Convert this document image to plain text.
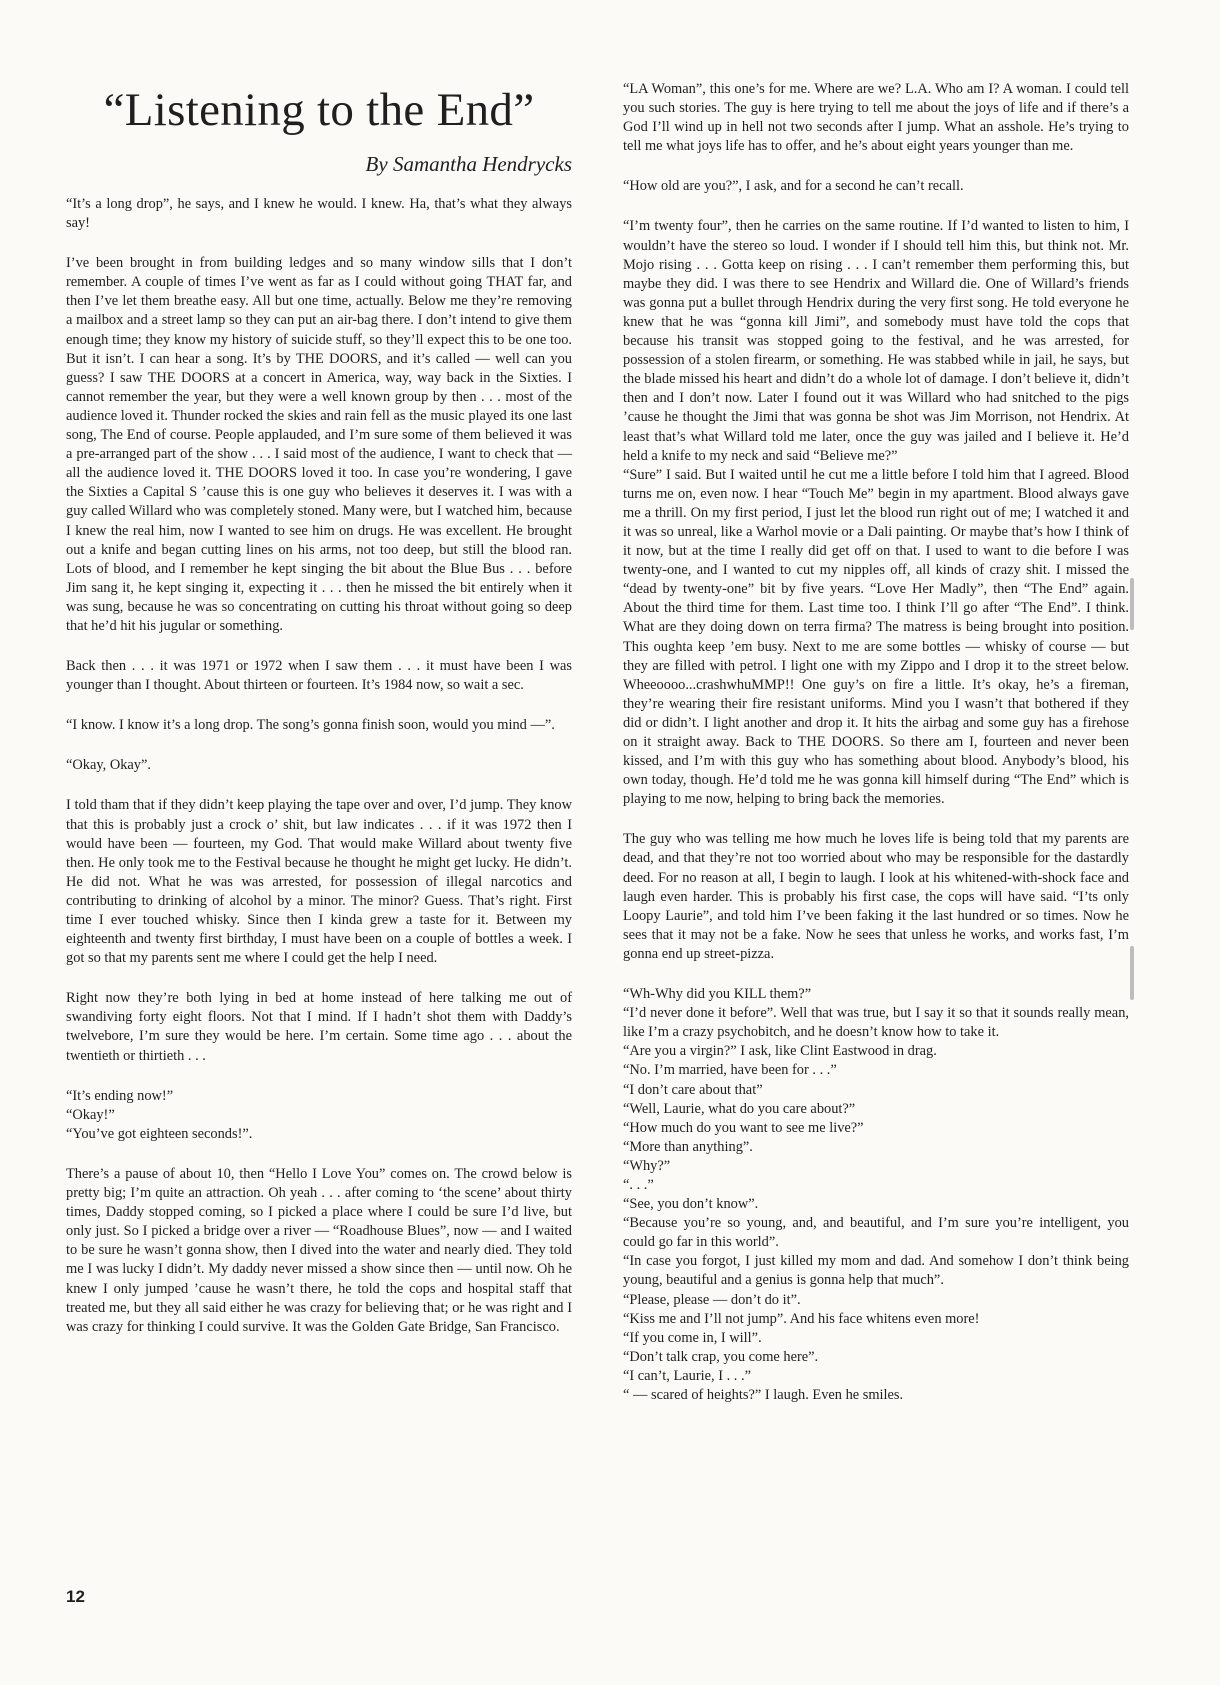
“Listening to the End”
By Samantha Hendrycks

“It’s a long drop”, he says, and I knew he would. I knew. Ha, that’s what they always say!

I’ve been brought in from building ledges and so many window sills that I don’t remember. A couple of times I’ve went as far as I could without going THAT far, and then I’ve let them breathe easy. All but one time, actually. Below me they’re removing a mailbox and a street lamp so they can put an air-bag there. I don’t intend to give them enough time; they know my history of suicide stuff, so they’ll expect this to be one too. But it isn’t. I can hear a song. It’s by THE DOORS, and it’s called — well can you guess? I saw THE DOORS at a concert in America, way, way back in the Sixties. I cannot remember the year, but they were a well known group by then . . . most of the audience loved it. Thunder rocked the skies and rain fell as the music played its one last song, The End of course. People applauded, and I’m sure some of them believed it was a pre-arranged part of the show . . . I said most of the audience, I want to check that — all the audience loved it. THE DOORS loved it too. In case you’re wondering, I gave the Sixties a Capital S ’cause this is one guy who believes it deserves it. I was with a guy called Willard who was completely stoned. Many were, but I watched him, because I knew the real him, now I wanted to see him on drugs. He was excellent. He brought out a knife and began cutting lines on his arms, not too deep, but still the blood ran. Lots of blood, and I remember he kept singing the bit about the Blue Bus . . . before Jim sang it, he kept singing it, expecting it . . . then he missed the bit entirely when it was sung, because he was so concentrating on cutting his throat without going so deep that he’d hit his jugular or something.

Back then . . . it was 1971 or 1972 when I saw them . . . it must have been I was younger than I thought. About thirteen or fourteen. It’s 1984 now, so wait a sec.

“I know. I know it’s a long drop. The song’s gonna finish soon, would you mind —”.

“Okay, Okay”.

I told tham that if they didn’t keep playing the tape over and over, I’d jump. They know that this is probably just a crock o’ shit, but law indicates . . . if it was 1972 then I would have been — fourteen, my God. That would make Willard about twenty five then. He only took me to the Festival because he thought he might get lucky. He didn’t. He did not. What he was was arrested, for possession of illegal narcotics and contributing to drinking of alcohol by a minor. The minor? Guess. That’s right. First time I ever touched whisky. Since then I kinda grew a taste for it. Between my eighteenth and twenty first birthday, I must have been on a couple of bottles a week. I got so that my parents sent me where I could get the help I need.

Right now they’re both lying in bed at home instead of here talking me out of swandiving forty eight floors. Not that I mind. If I hadn’t shot them with Daddy’s twelvebore, I’m sure they would be here. I’m certain. Some time ago . . . about the twentieth or thirtieth . . .

“It’s ending now!”

“Okay!”

“You’ve got eighteen seconds!”.

There’s a pause of about 10, then “Hello I Love You” comes on. The crowd below is pretty big; I’m quite an attraction. Oh yeah . . . after coming to ‘the scene’ about thirty times, Daddy stopped coming, so I picked a place where I could be sure I’d live, but only just. So I picked a bridge over a river — “Roadhouse Blues”, now — and I waited to be sure he wasn’t gonna show, then I dived into the water and nearly died. They told me I was lucky I didn’t. My daddy never missed a show since then — until now. Oh he knew I only jumped ’cause he wasn’t there, he told the cops and hospital staff that treated me, but they all said either he was crazy for believing that; or he was right and I was crazy for thinking I could survive. It was the Golden Gate Bridge, San Francisco.

“LA Woman”, this one’s for me. Where are we? L.A. Who am I? A woman. I could tell you such stories. The guy is here trying to tell me about the joys of life and if there’s a God I’ll wind up in hell not two seconds after I jump. What an asshole. He’s trying to tell me what joys life has to offer, and he’s about eight years younger than me.

“How old are you?”, I ask, and for a second he can’t recall.

“I’m twenty four”, then he carries on the same routine. If I’d wanted to listen to him, I wouldn’t have the stereo so loud. I wonder if I should tell him this, but think not. Mr. Mojo rising . . . Gotta keep on rising . . . I can’t remember them performing this, but maybe they did. I was there to see Hendrix and Willard die. One of Willard’s friends was gonna put a bullet through Hendrix during the very first song. He told everyone he knew that he was “gonna kill Jimi”, and somebody must have told the cops that because his transit was stopped going to the festival, and he was arrested, for possession of a stolen firearm, or something. He was stabbed while in jail, he says, but the blade missed his heart and didn’t do a whole lot of damage. I don’t believe it, didn’t then and I don’t now. Later I found out it was Willard who had snitched to the pigs ’cause he thought the Jimi that was gonna be shot was Jim Morrison, not Hendrix. At least that’s what Willard told me later, once the guy was jailed and I believe it. He’d held a knife to my neck and said “Believe me?”

“Sure” I said. But I waited until he cut me a little before I told him that I agreed. Blood turns me on, even now. I hear “Touch Me” begin in my apartment. Blood always gave me a thrill. On my first period, I just let the blood run right out of me; I watched it and it was so unreal, like a Warhol movie or a Dali painting. Or maybe that’s how I think of it now, but at the time I really did get off on that. I used to want to die before I was twenty-one, and I wanted to cut my nipples off, all kinds of crazy shit. I missed the “dead by twenty-one” bit by five years. “Love Her Madly”, then “The End” again. About the third time for them. Last time too. I think I’ll go after “The End”. I think. What are they doing down on terra firma? The matress is being brought into position. This oughta keep ’em busy. Next to me are some bottles — whisky of course — but they are filled with petrol. I light one with my Zippo and I drop it to the street below. Wheeoooo...crashwhuMMP!! One guy’s on fire a little. It’s okay, he’s a fireman, they’re wearing their fire resistant uniforms. Mind you I wasn’t that bothered if they did or didn’t. I light another and drop it. It hits the airbag and some guy has a firehose on it straight away. Back to THE DOORS. So there am I, fourteen and never been kissed, and I’m with this guy who has something about blood. Anybody’s blood, his own today, though. He’d told me he was gonna kill himself during “The End” which is playing to me now, helping to bring back the memories.

The guy who was telling me how much he loves life is being told that my parents are dead, and that they’re not too worried about who may be responsible for the dastardly deed. For no reason at all, I begin to laugh. I look at his whitened-with-shock face and laugh even harder. This is probably his first case, the cops will have said. “I’ts only Loopy Laurie”, and told him I’ve been faking it the last hundred or so times. Now he sees that it may not be a fake. Now he sees that unless he works, and works fast, I’m gonna end up street-pizza.

“Wh-Why did you KILL them?”

“I’d never done it before”. Well that was true, but I say it so that it sounds really mean, like I’m a crazy psychobitch, and he doesn’t know how to take it.

“Are you a virgin?” I ask, like Clint Eastwood in drag.

“No. I’m married, have been for . . .”

“I don’t care about that”

“Well, Laurie, what do you care about?”

“How much do you want to see me live?”

“More than anything”.

“Why?”

“. . .”

“See, you don’t know”.

“Because you’re so young, and, and beautiful, and I’m sure you’re intelligent, you could go far in this world”.

“In case you forgot, I just killed my mom and dad. And somehow I don’t think being young, beautiful and a genius is gonna help that much”.

“Please, please — don’t do it”.

“Kiss me and I’ll not jump”. And his face whitens even more!

“If you come in, I will”.

“Don’t talk crap, you come here”.

“I can’t, Laurie, I . . .”

“ — scared of heights?” I laugh. Even he smiles.

12
